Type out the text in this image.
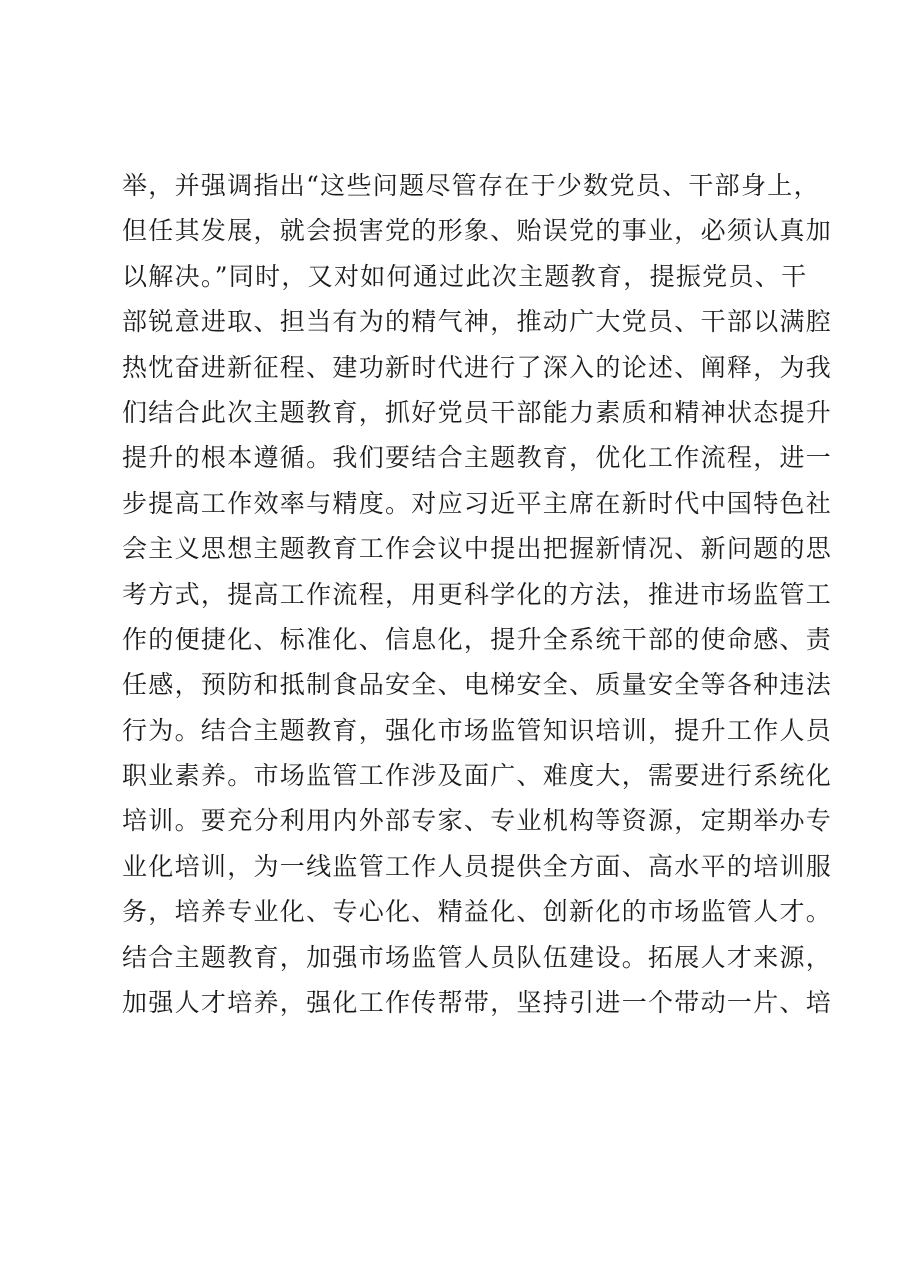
举，并强调指出“这些问题尽管存在于少数党员、干部身上，
但任其发展，就会损害党的形象、贻误党的事业，必须认真加
以解决。”同时，又对如何通过此次主题教育，提振党员、干
部锐意进取、担当有为的精气神，推动广大党员、干部以满腔
热忱奋进新征程、建功新时代进行了深入的论述、阐释，为我
们结合此次主题教育，抓好党员干部能力素质和精神状态提升
提升的根本遵循。我们要结合主题教育，优化工作流程，进一
步提高工作效率与精度。对应习近平主席在新时代中国特色社
会主义思想主题教育工作会议中提出把握新情况、新问题的思
考方式，提高工作流程，用更科学化的方法，推进市场监管工
作的便捷化、标准化、信息化，提升全系统干部的使命感、责
任感，预防和抵制食品安全、电梯安全、质量安全等各种违法
行为。结合主题教育，强化市场监管知识培训，提升工作人员
职业素养。市场监管工作涉及面广、难度大，需要进行系统化
培训。要充分利用内外部专家、专业机构等资源，定期举办专
业化培训，为一线监管工作人员提供全方面、高水平的培训服
务，培养专业化、专心化、精益化、创新化的市场监管人才。
结合主题教育，加强市场监管人员队伍建设。拓展人才来源，
加强人才培养，强化工作传帮带，坚持引进一个带动一片、培
